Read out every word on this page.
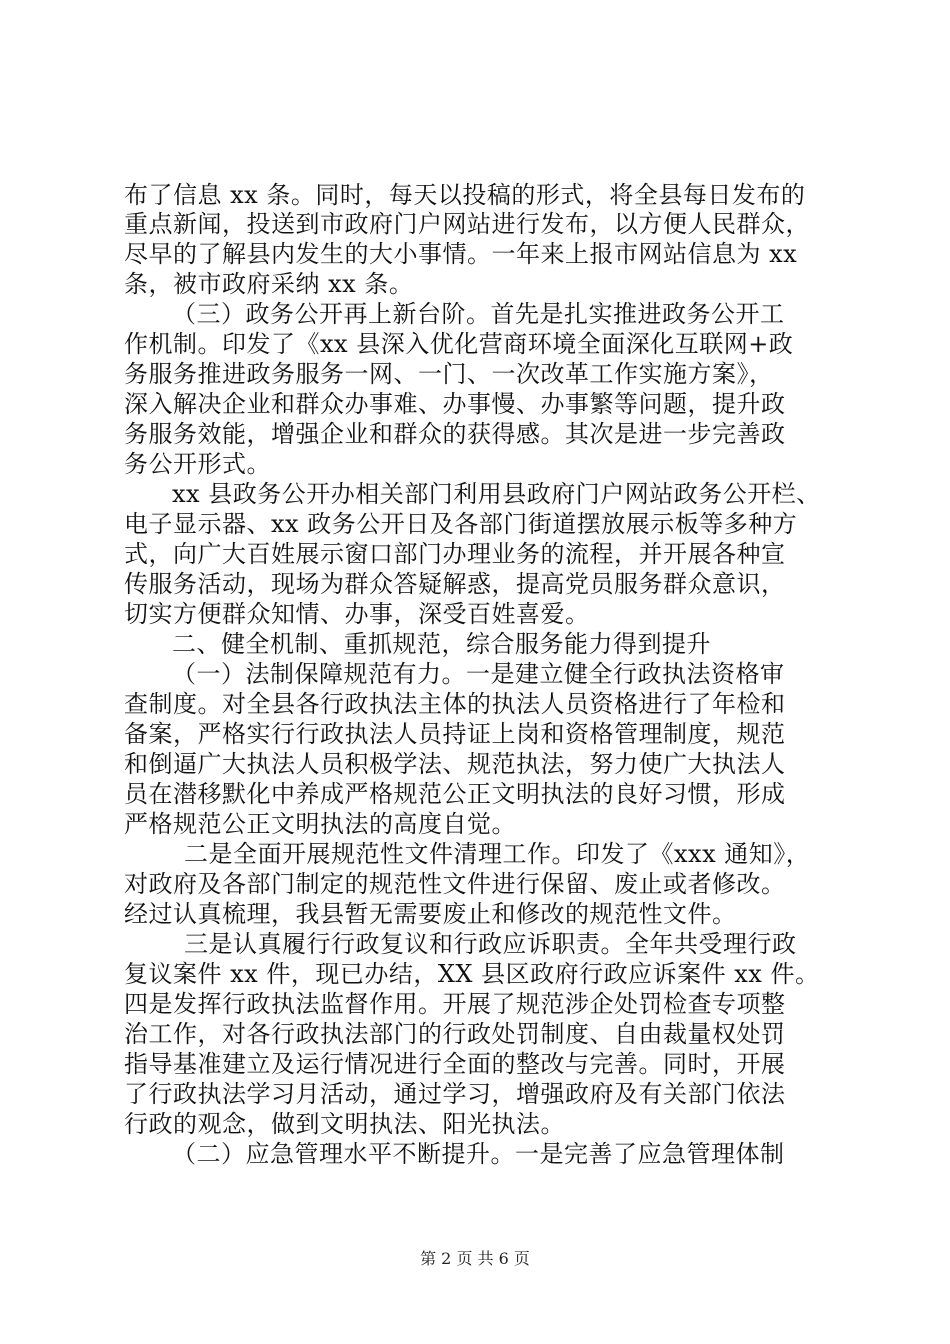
布了信息 xx 条。同时，每天以投稿的形式，将全县每日发布的
重点新闻，投送到市政府门户网站进行发布，以方便人民群众，
尽早的了解县内发生的大小事情。一年来上报市网站信息为 xx
条，被市政府采纳 xx 条。
（三）政务公开再上新台阶。首先是扎实推进政务公开工
作机制。印发了《xx 县深入优化营商环境全面深化互联网+政
务服务推进政务服务一网、一门、一次改革工作实施方案》，
深入解决企业和群众办事难、办事慢、办事繁等问题，提升政
务服务效能，增强企业和群众的获得感。其次是进一步完善政
务公开形式。
xx 县政务公开办相关部门利用县政府门户网站政务公开栏、
电子显示器、xx 政务公开日及各部门街道摆放展示板等多种方
式，向广大百姓展示窗口部门办理业务的流程，并开展各种宣
传服务活动，现场为群众答疑解惑，提高党员服务群众意识，
切实方便群众知情、办事，深受百姓喜爱。
二、健全机制、重抓规范，综合服务能力得到提升
（一）法制保障规范有力。一是建立健全行政执法资格审
查制度。对全县各行政执法主体的执法人员资格进行了年检和
备案，严格实行行政执法人员持证上岗和资格管理制度，规范
和倒逼广大执法人员积极学法、规范执法，努力使广大执法人
员在潜移默化中养成严格规范公正文明执法的良好习惯，形成
严格规范公正文明执法的高度自觉。
二是全面开展规范性文件清理工作。印发了《xxx 通知》，
对政府及各部门制定的规范性文件进行保留、废止或者修改。
经过认真梳理，我县暂无需要废止和修改的规范性文件。
三是认真履行行政复议和行政应诉职责。全年共受理行政
复议案件 xx 件，现已办结，XX 县区政府行政应诉案件 xx 件。
四是发挥行政执法监督作用。开展了规范涉企处罚检查专项整
治工作，对各行政执法部门的行政处罚制度、自由裁量权处罚
指导基准建立及运行情况进行全面的整改与完善。同时，开展
了行政执法学习月活动，通过学习，增强政府及有关部门依法
行政的观念，做到文明执法、阳光执法。
（二）应急管理水平不断提升。一是完善了应急管理体制
第 2 页 共 6 页
